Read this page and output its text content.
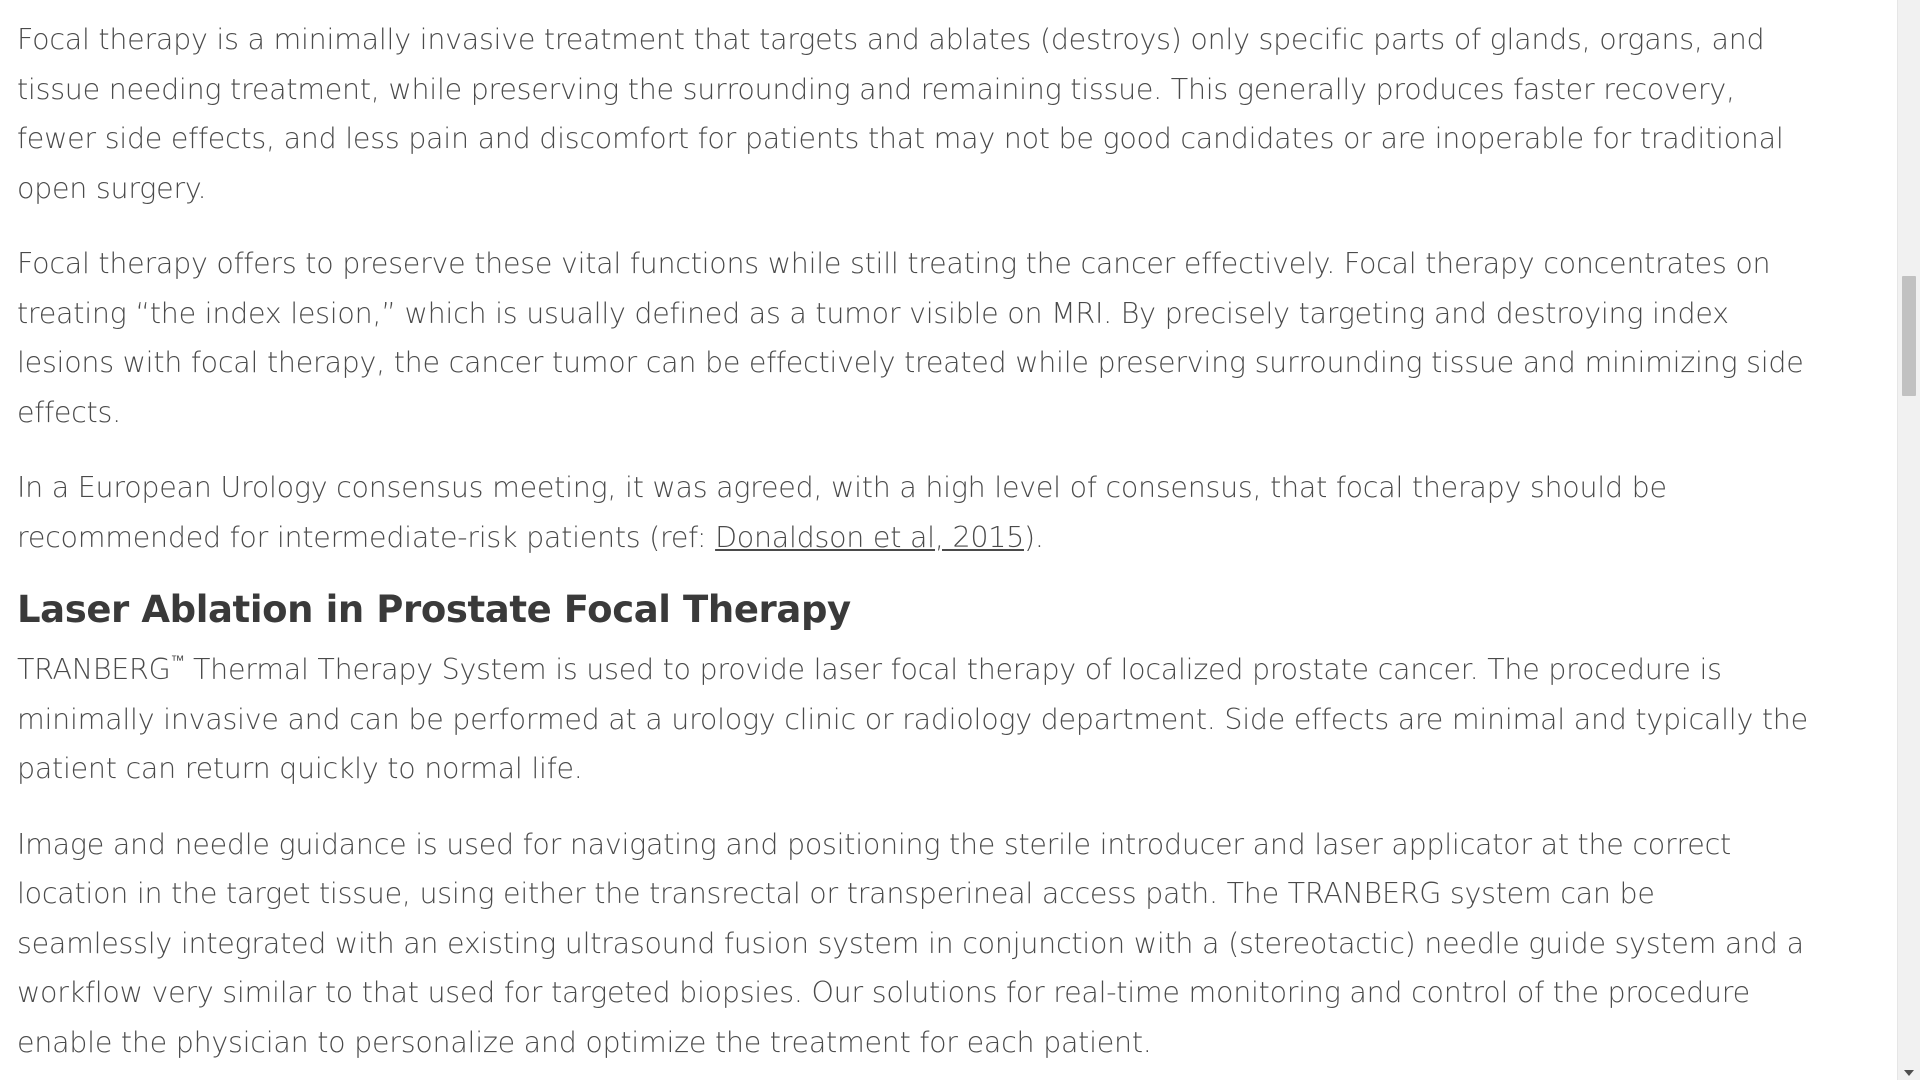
Focal therapy is a minimally invasive treatment that targets and ablates (destroys) only specific parts of glands, organs, and tissue needing treatment, while preserving the surrounding and remaining tissue. This generally produces faster recovery, fewer side effects, and less pain and discomfort for patients that may not be good candidates or are inoperable for traditional open surgery.

Focal therapy offers to preserve these vital functions while still treating the cancer effectively. Focal therapy concentrates on treating “the index lesion,” which is usually defined as a tumor visible on MRI. By precisely targeting and destroying index lesions with focal therapy, the cancer tumor can be effectively treated while preserving surrounding tissue and minimizing side effects.

In a European Urology consensus meeting, it was agreed, with a high level of consensus, that focal therapy should be recommended for intermediate-risk patients (ref: Donaldson et al, 2015).

Laser Ablation in Prostate Focal Therapy

TRANBERG™ Thermal Therapy System is used to provide laser focal therapy of localized prostate cancer. The procedure is minimally invasive and can be performed at a urology clinic or radiology department. Side effects are minimal and typically the patient can return quickly to normal life.

Image and needle guidance is used for navigating and positioning the sterile introducer and laser applicator at the correct location in the target tissue, using either the transrectal or transperineal access path. The TRANBERG system can be seamlessly integrated with an existing ultrasound fusion system in conjunction with a (stereotactic) needle guide system and a workflow very similar to that used for targeted biopsies. Our solutions for real-time monitoring and control of the procedure enable the physician to personalize and optimize the treatment for each patient.
